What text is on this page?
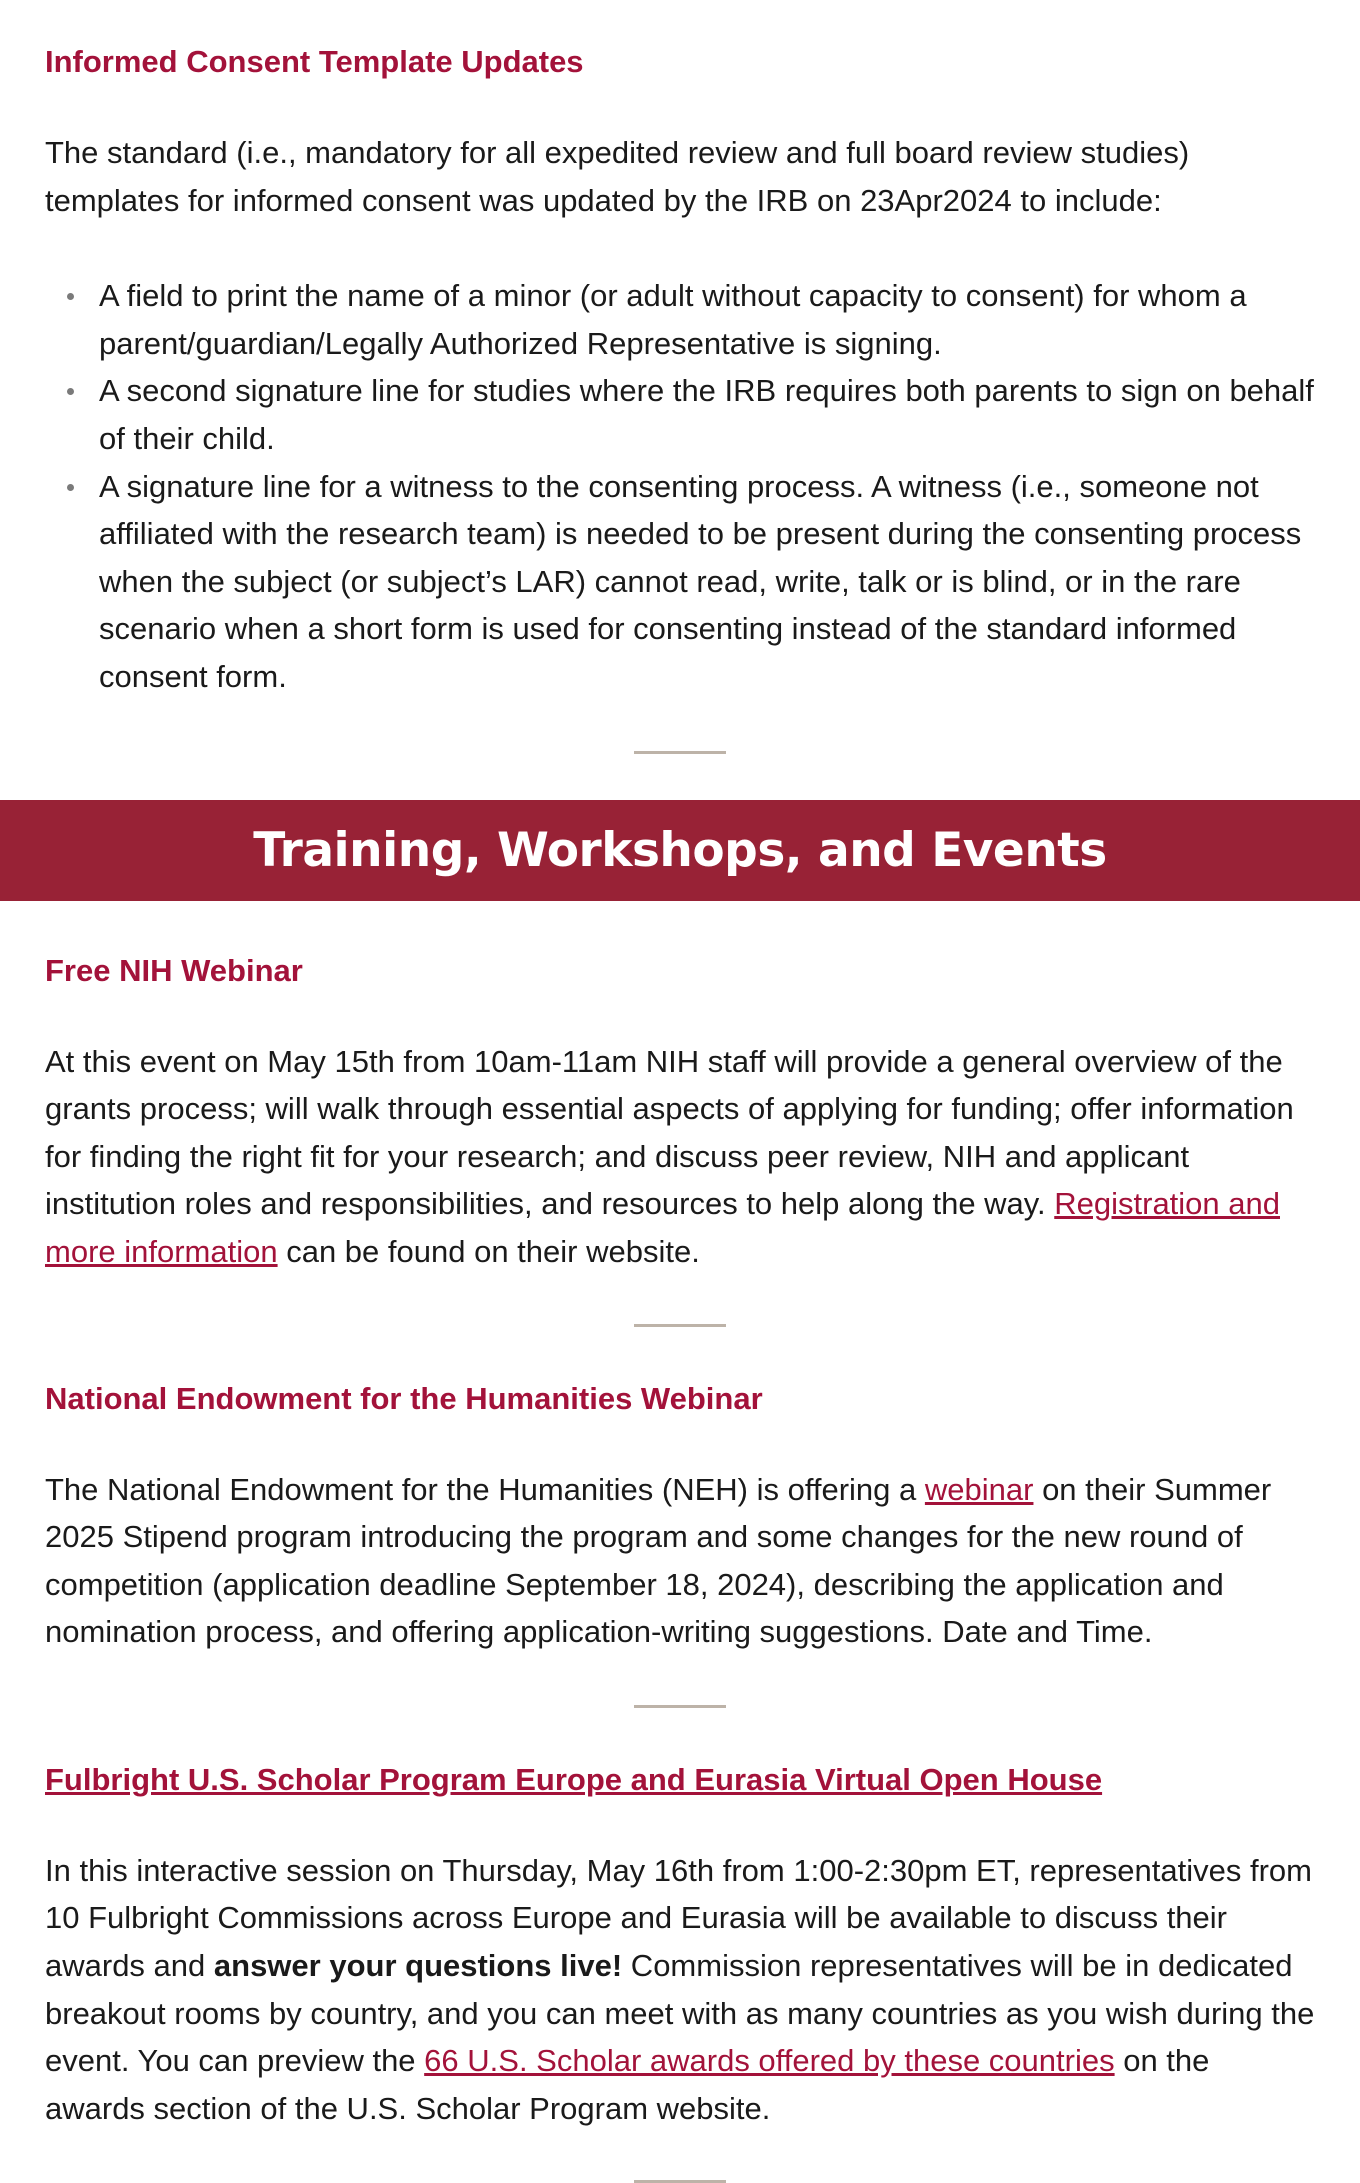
Informed Consent Template Updates

The standard (i.e., mandatory for all expedited review and full board review studies) templates for informed consent was updated by the IRB on 23Apr2024 to include:

A field to print the name of a minor (or adult without capacity to consent) for whom a parent/guardian/Legally Authorized Representative is signing.
A second signature line for studies where the IRB requires both parents to sign on behalf of their child.
A signature line for a witness to the consenting process. A witness (i.e., someone not affiliated with the research team) is needed to be present during the consenting process when the subject (or subject’s LAR) cannot read, write, talk or is blind, or in the rare scenario when a short form is used for consenting instead of the standard informed consent form.
Training, Workshops, and Events
Free NIH Webinar

At this event on May 15th from 10am-11am NIH staff will provide a general overview of the grants process; will walk through essential aspects of applying for funding; offer information for finding the right fit for your research; and discuss peer review, NIH and applicant institution roles and responsibilities, and resources to help along the way. Registration and more information can be found on their website.

National Endowment for the Humanities Webinar

The National Endowment for the Humanities (NEH) is offering a webinar on their Summer 2025 Stipend program introducing the program and some changes for the new round of competition (application deadline September 18, 2024), describing the application and nomination process, and offering application-writing suggestions. Date and Time.

Fulbright U.S. Scholar Program Europe and Eurasia Virtual Open House

In this interactive session on Thursday, May 16th from 1:00-2:30pm ET, representatives from 10 Fulbright Commissions across Europe and Eurasia will be available to discuss their awards and answer your questions live! Commission representatives will be in dedicated breakout rooms by country, and you can meet with as many countries as you wish during the event. You can preview the 66 U.S. Scholar awards offered by these countries on the awards section of the U.S. Scholar Program website.
